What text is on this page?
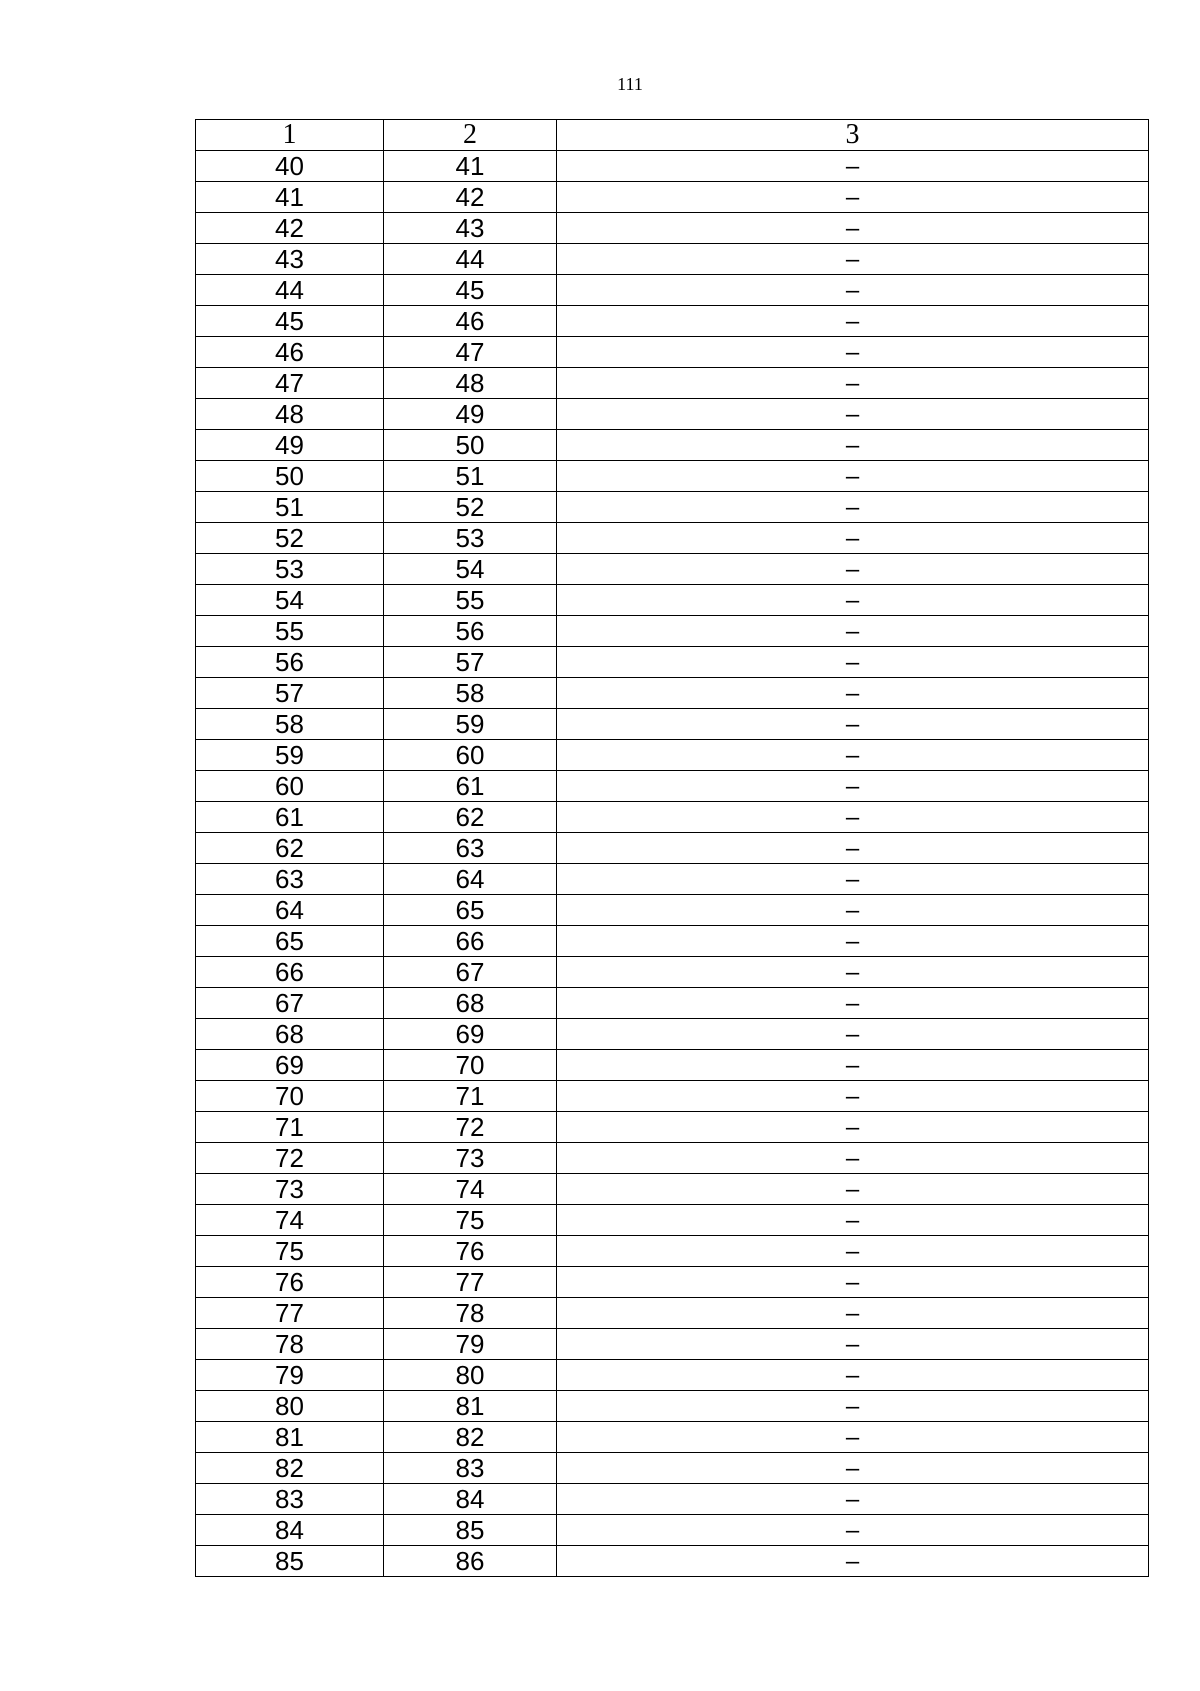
111
1	2	3
40	41	–
41	42	–
42	43	–
43	44	–
44	45	–
45	46	–
46	47	–
47	48	–
48	49	–
49	50	–
50	51	–
51	52	–
52	53	–
53	54	–
54	55	–
55	56	–
56	57	–
57	58	–
58	59	–
59	60	–
60	61	–
61	62	–
62	63	–
63	64	–
64	65	–
65	66	–
66	67	–
67	68	–
68	69	–
69	70	–
70	71	–
71	72	–
72	73	–
73	74	–
74	75	–
75	76	–
76	77	–
77	78	–
78	79	–
79	80	–
80	81	–
81	82	–
82	83	–
83	84	–
84	85	–
85	86	–
